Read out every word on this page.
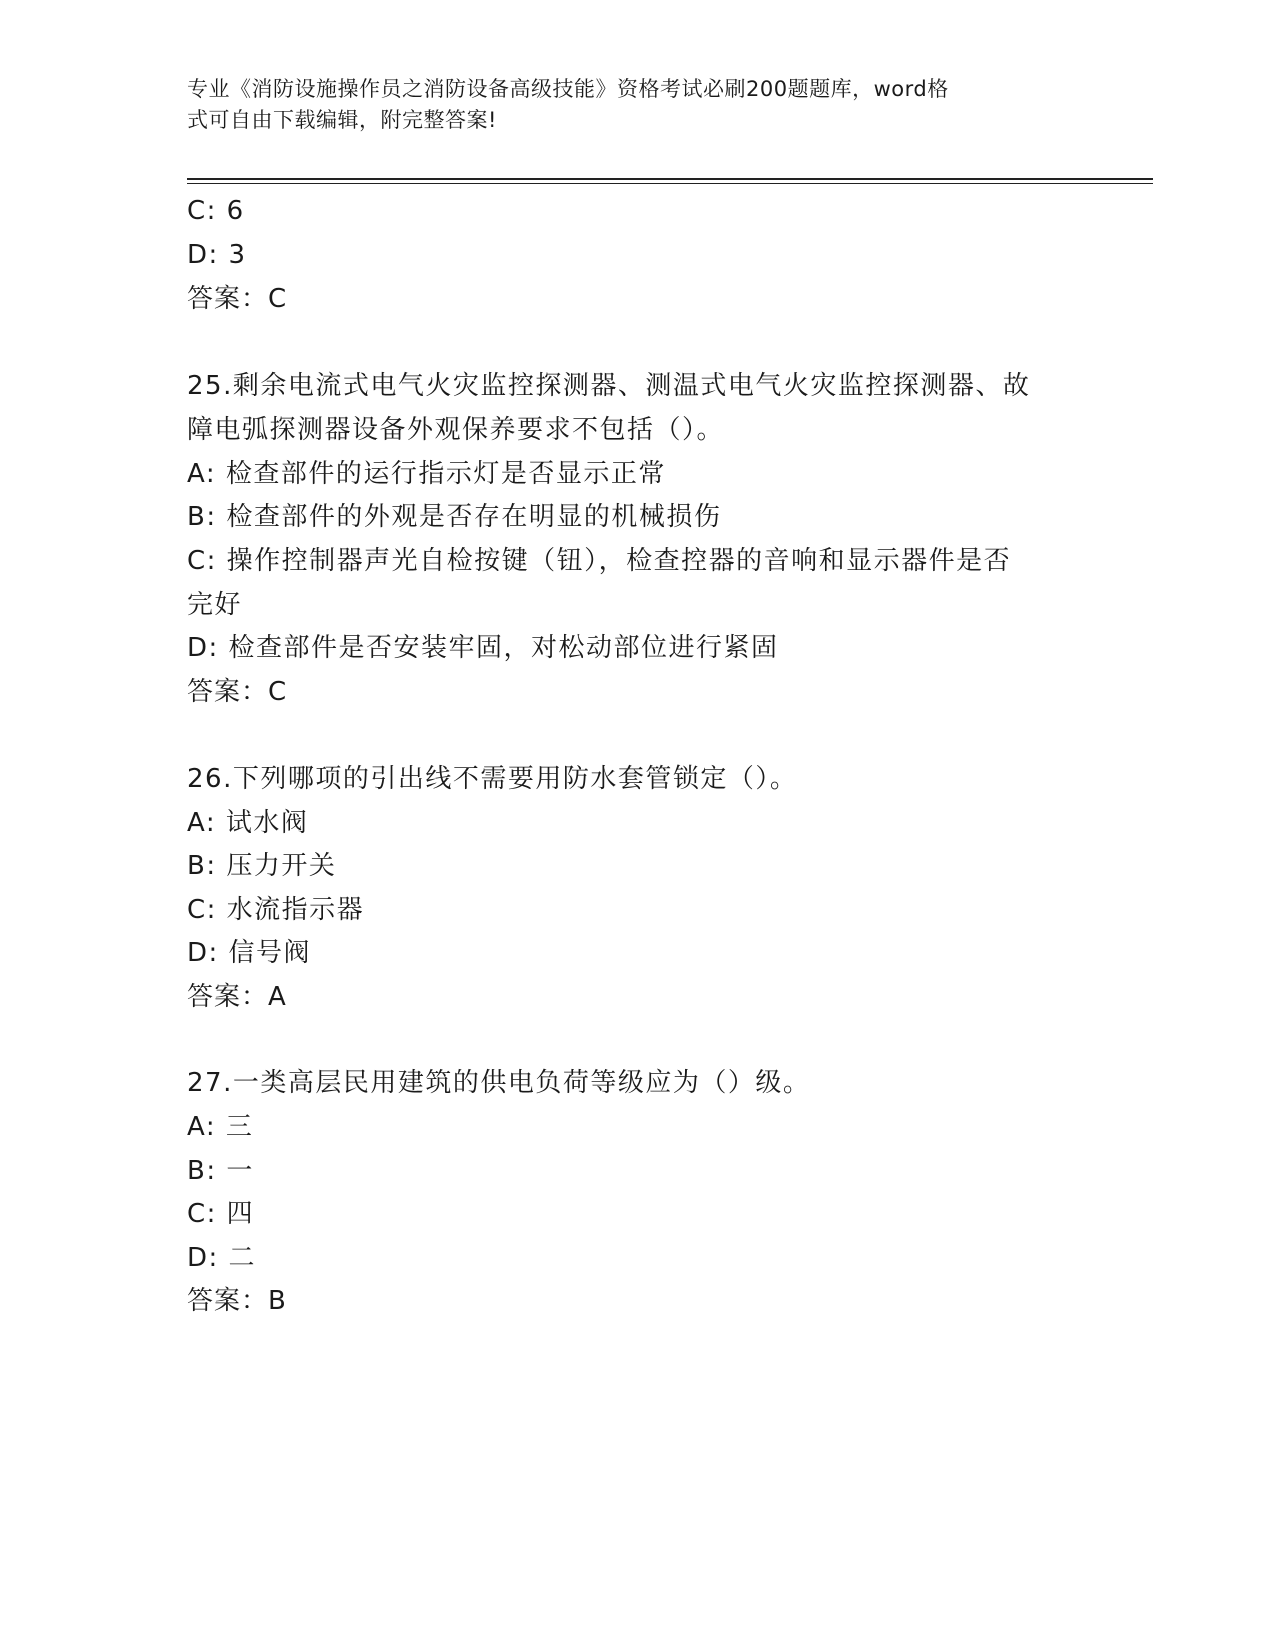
专业《消防设施操作员之消防设备高级技能》资格考试必刷200题题库，word格
式可自由下载编辑，附完整答案!
C: 6
D: 3
答案：C
25.剩余电流式电气火灾监控探测器、测温式电气火灾监控探测器、故
障电弧探测器设备外观保养要求不包括（）。
A: 检查部件的运行指示灯是否显示正常
B: 检查部件的外观是否存在明显的机械损伤
C: 操作控制器声光自检按键（钮），检查控器的音响和显示器件是否
完好
D: 检查部件是否安装牢固，对松动部位进行紧固
答案：C
26.下列哪项的引出线不需要用防水套管锁定（）。
A: 试水阀
B: 压力开关
C: 水流指示器
D: 信号阀
答案：A
27.一类高层民用建筑的供电负荷等级应为（）级。
A: 三
B: 一
C: 四
D: 二
答案：B
